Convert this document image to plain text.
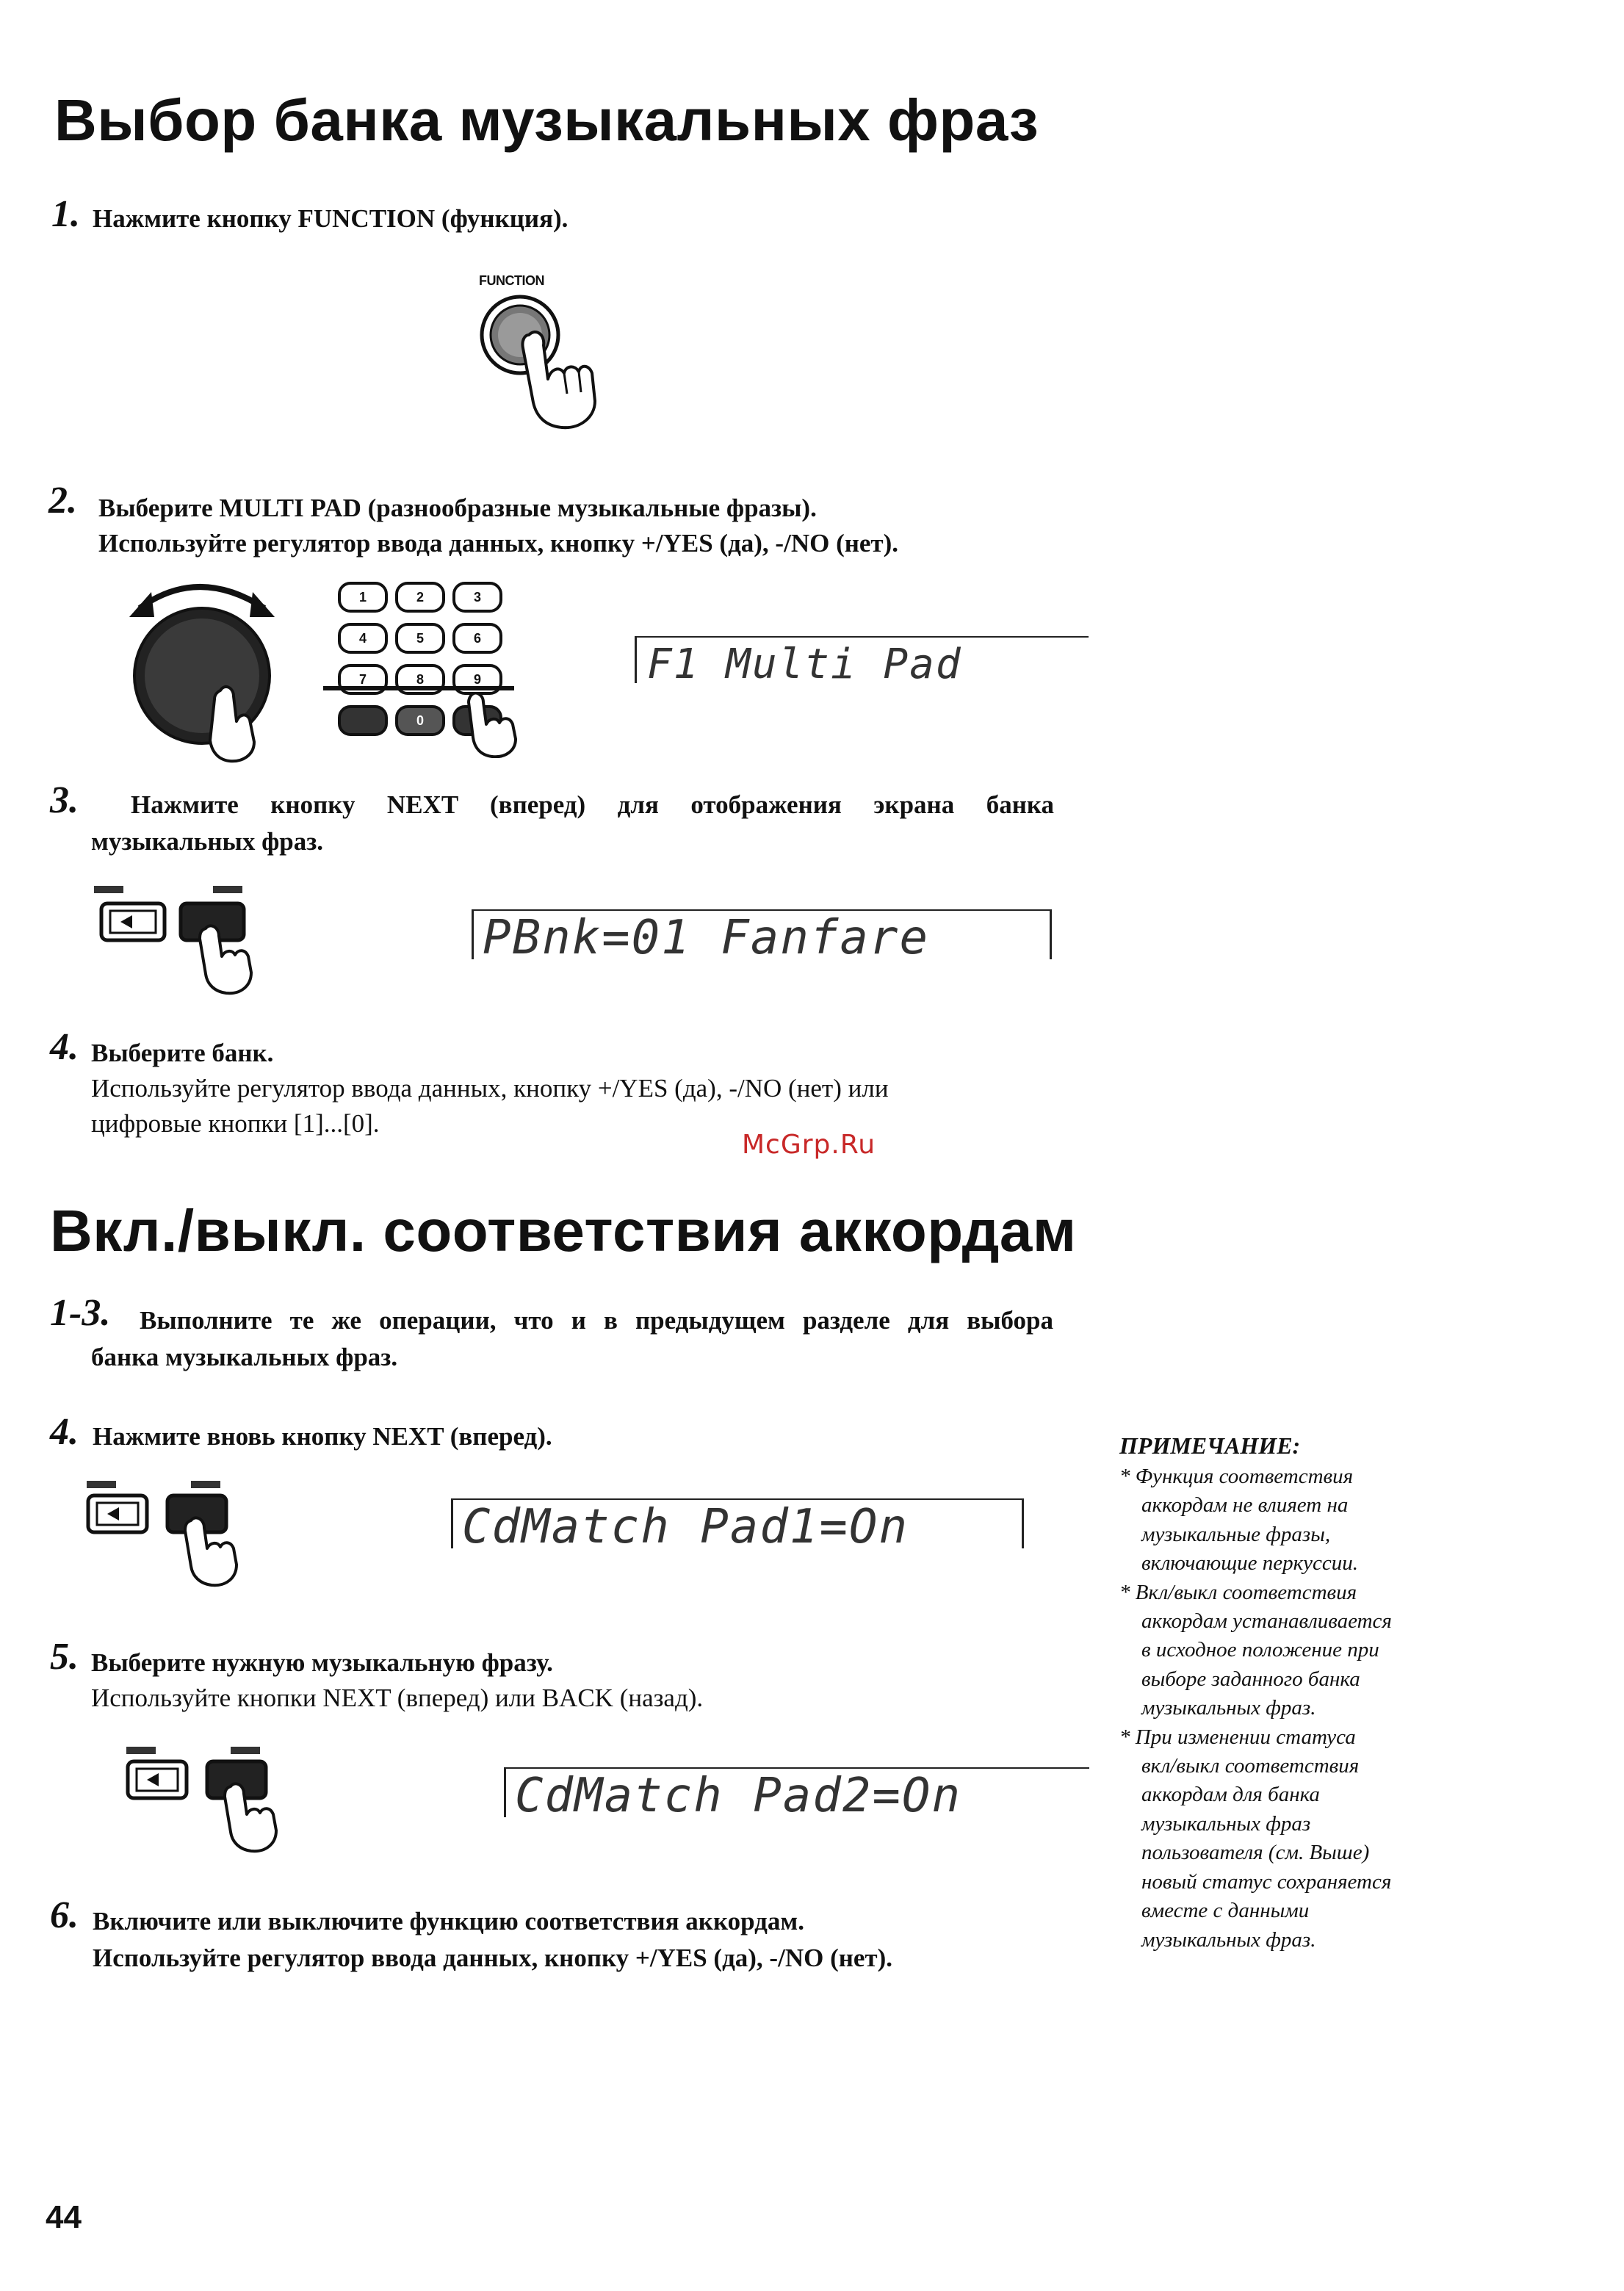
Выбор банка музыкальных фраз
1. Нажмите кнопку FUNCTION (функция).
FUNCTION
2. Выберите MULTI PAD (разнообразные музыкальные фразы).
Используйте регулятор ввода данных, кнопку +/YES (да), -/NO (нет).
1	2	3
4	5	6
7	8	9
0
F1 Multi Pad
3. Нажмите кнопку NEXT (вперед) для отображения экрана банка
музыкальных фраз.
PBnk=01 Fanfare
4. Выберите банк.
Используйте регулятор ввода данных, кнопку +/YES (да), -/NO (нет) или
цифровые кнопки [1]...[0].
McGrp.Ru
Вкл./выкл. соответствия аккордам
1-3. Выполните те же операции, что и в предыдущем разделе для выбора
банка музыкальных фраз.
4. Нажмите вновь кнопку NEXT (вперед).
CdMatch Pad1=On
5. Выберите нужную музыкальную фразу.
Используйте кнопки NEXT (вперед) или BACK (назад).
CdMatch Pad2=On
6. Включите или выключите функцию соответствия аккордам.
Используйте регулятор ввода данных, кнопку +/YES (да), -/NO (нет).
ПРИМЕЧАНИЕ:
* Функция соответствия
аккордам не влияет на
музыкальные фразы,
включающие перкуссии.
* Вкл/выкл соответствия
аккордам устанавливается
в исходное положение при
выборе заданного банка
музыкальных фраз.
* При изменении статуса
вкл/выкл соответствия
аккордам для банка
музыкальных фраз
пользователя (см. Выше)
новый статус сохраняется
вместе с данными
музыкальных фраз.
44
